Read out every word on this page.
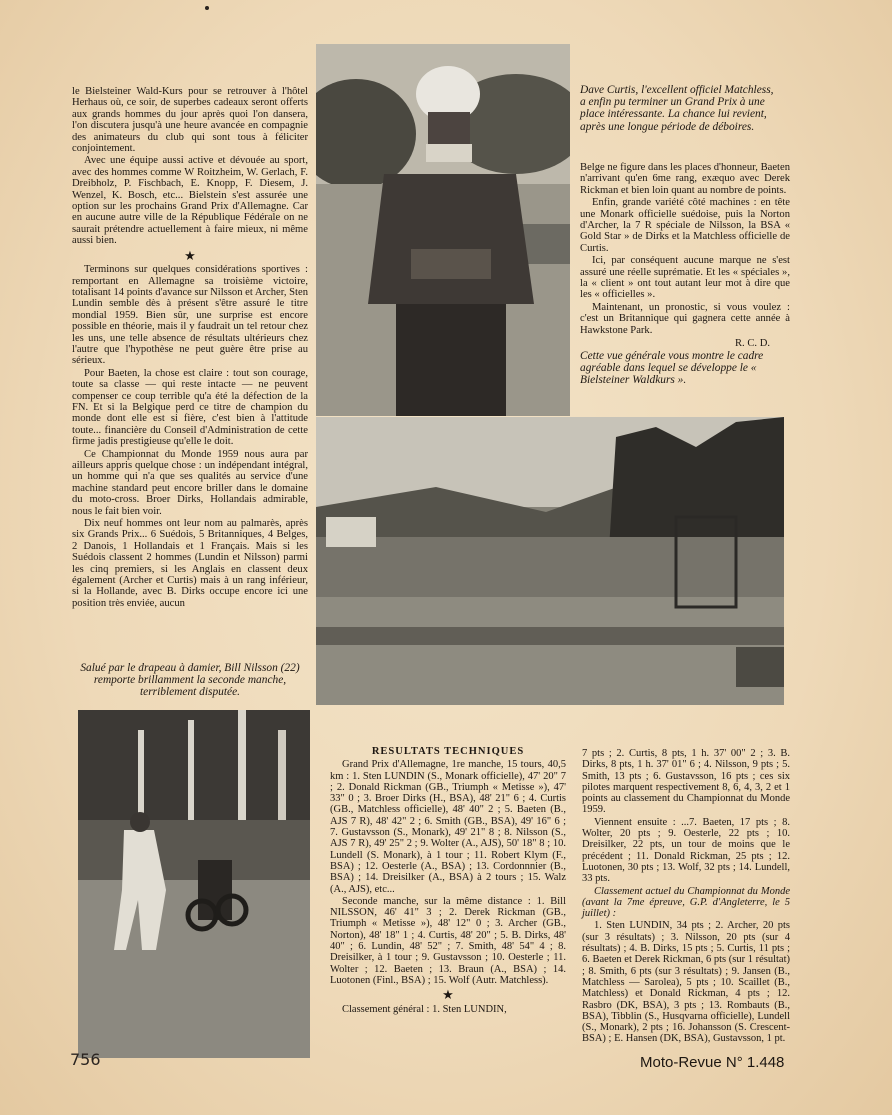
le Bielsteiner Wald-Kurs pour se retrouver à l'hôtel Herhaus où, ce soir, de superbes cadeaux seront offerts aux grands hommes du jour après quoi l'on dansera, l'on discutera jusqu'à une heure avancée en compagnie des animateurs du club qui sont tous à féliciter conjointement.

Avec une équipe aussi active et dévouée au sport, avec des hommes comme W Roitzheim, W. Gerlach, F. Dreibholz, P. Fischbach, E. Knopp, F. Diesem, J. Wenzel, K. Bosch, etc... Bielstein s'est assurée une option sur les prochains Grand Prix d'Allemagne. Car en aucune autre ville de la République Fédérale on ne saurait prétendre actuellement à faire mieux, ni même aussi bien.

★

Terminons sur quelques considérations sportives : remportant en Allemagne sa troisième victoire, totalisant 14 points d'avance sur Nilsson et Archer, Sten Lundin semble dès à présent s'être assuré le titre mondial 1959. Bien sûr, une surprise est encore possible en théorie, mais il y faudrait un tel retour chez les uns, une telle absence de résultats ultérieurs chez l'autre que l'hypothèse ne peut guère être prise au sérieux.

Pour Baeten, la chose est claire : tout son courage, toute sa classe — qui reste intacte — ne peuvent compenser ce coup terrible qu'a été la défection de la FN. Et si la Belgique perd ce titre de champion du monde dont elle est si fière, c'est bien à l'attitude toute... financière du Conseil d'Administration de cette firme jadis prestigieuse qu'elle le doit.

Ce Championnat du Monde 1959 nous aura par ailleurs appris quelque chose : un indépendant intégral, un homme qui n'a que ses qualités au service d'une machine standard peut encore briller dans le domaine du moto-cross. Broer Dirks, Hollandais admirable, nous le fait bien voir.

Dix neuf hommes ont leur nom au palmarès, après six Grands Prix... 6 Suédois, 5 Britanniques, 4 Belges, 2 Danois, 1 Hollandais et 1 Français. Mais si les Suédois classent 2 hommes (Lundin et Nilsson) parmi les cinq premiers, si les Anglais en classent deux également (Archer et Curtis) mais à un rang inférieur, si la Hollande, avec B. Dirks occupe encore ici une position très enviée, aucun

Salué par le drapeau à damier, Bill Nilsson (22) remporte brillamment la seconde manche, terriblement disputée.
Dave Curtis, l'excellent officiel Matchless, a enfin pu terminer un Grand Prix à une place intéressante. La chance lui revient, après une longue période de déboires.

Belge ne figure dans les places d'honneur, Baeten n'arrivant qu'en 6me rang, exæquo avec Derek Rickman et bien loin quant au nombre de points.

Enfin, grande variété côté machines : en tête une Monark officielle suédoise, puis la Norton d'Archer, la 7 R spéciale de Nilsson, la BSA « Gold Star » de Dirks et la Matchless officielle de Curtis.

Ici, par conséquent aucune marque ne s'est assuré une réelle suprématie. Et les « spéciales », la « client » ont tout autant leur mot à dire que les « officielles ».

Maintenant, un pronostic, si vous voulez : c'est un Britannique qui gagnera cette année à Hawkstone Park.

R. C. D.
Cette vue générale vous montre le cadre agréable dans lequel se développe le « Bielsteiner Waldkurs ».
RESULTATS TECHNIQUES

Grand Prix d'Allemagne, 1re manche, 15 tours, 40,5 km : 1. Sten LUNDIN (S., Monark officielle), 47' 20" 7 ; 2. Donald Rickman (GB., Triumph « Metisse »), 47' 33" 0 ; 3. Broer Dirks (H., BSA), 48' 21" 6 ; 4. Curtis (GB., Matchless officielle), 48' 40" 2 ; 5. Baeten (B., AJS 7 R), 48' 42" 2 ; 6. Smith (GB., BSA), 49' 16" 6 ; 7. Gustavsson (S., Monark), 49' 21" 8 ; 8. Nilsson (S., AJS 7 R), 49' 25" 2 ; 9. Wolter (A., AJS), 50' 18" 8 ; 10. Lundell (S. Monark), à 1 tour ; 11. Robert Klym (F., BSA) ; 12. Oesterle (A., BSA) ; 13. Cordonnnier (B., BSA) ; 14. Dreisilker (A., BSA) à 2 tours ; 15. Walz (A., AJS), etc...

Seconde manche, sur la même distance : 1. Bill NILSSON, 46' 41" 3 ; 2. Derek Rickman (GB., Triumph « Metisse »), 48' 12" 0 ; 3. Archer (GB., Norton), 48' 18" 1 ; 4. Curtis, 48' 20" ; 5. B. Dirks, 48' 40" ; 6. Lundin, 48' 52" ; 7. Smith, 48' 54" 4 ; 8. Dreisilker, à 1 tour ; 9. Gustavsson ; 10. Oesterle ; 11. Wolter ; 12. Baeten ; 13. Braun (A., BSA) ; 14. Luotonen (Finl., BSA) ; 15. Wolf (Autr. Matchless).

★

Classement général : 1. Sten LUNDIN,

7 pts ; 2. Curtis, 8 pts, 1 h. 37' 00" 2 ; 3. B. Dirks, 8 pts, 1 h. 37' 01" 6 ; 4. Nilsson, 9 pts ; 5. Smith, 13 pts ; 6. Gustavsson, 16 pts ; ces six pilotes marquent respectivement 8, 6, 4, 3, 2 et 1 points au classement du Championnat du Monde 1959.

Viennent ensuite : ...7. Baeten, 17 pts ; 8. Wolter, 20 pts ; 9. Oesterle, 22 pts ; 10. Dreisilker, 22 pts, un tour de moins que le précédent ; 11. Donald Rickman, 25 pts ; 12. Luotonen, 30 pts ; 13. Wolf, 32 pts ; 14. Lundell, 33 pts.

Classement actuel du Championnat du Monde (avant la 7me épreuve, G.P. d'Angleterre, le 5 juillet) :

1. Sten LUNDIN, 34 pts ; 2. Archer, 20 pts (sur 3 résultats) ; 3. Nilsson, 20 pts (sur 4 résultats) ; 4. B. Dirks, 15 pts ; 5. Curtis, 11 pts ; 6. Baeten et Derek Rickman, 6 pts (sur 1 résultat) ; 8. Smith, 6 pts (sur 3 résultats) ; 9. Jansen (B., Matchless — Sarolea), 5 pts ; 10. Scaillet (B., Matchless) et Donald Rickman, 4 pts ; 12. Rasbro (DK, BSA), 3 pts ; 13. Rombauts (B., BSA), Tibblin (S., Husqvarna officielle), Lundell (S., Monark), 2 pts ; 16. Johansson (S. Crescent-BSA) ; E. Hansen (DK, BSA), Gustavsson, 1 pt.

756	Moto-Revue N° 1.448
